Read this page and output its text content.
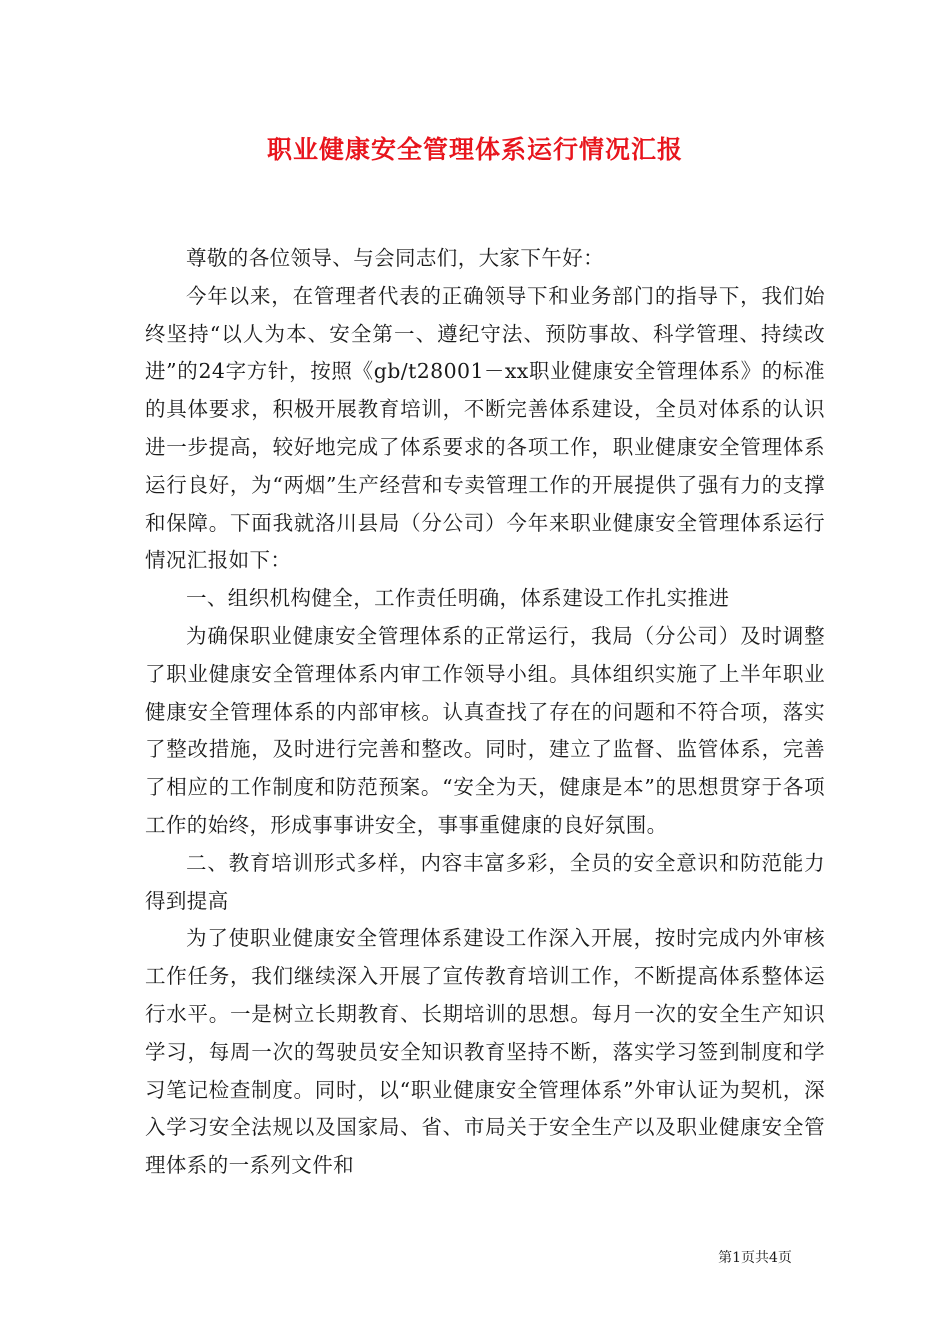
职业健康安全管理体系运行情况汇报

尊敬的各位领导、与会同志们，大家下午好：

今年以来，在管理者代表的正确领导下和业务部门的指导下，我们始终坚持“以人为本、安全第一、遵纪守法、预防事故、科学管理、持续改进”的24字方针，按照《gb/t28001－xx职业健康安全管理体系》的标准的具体要求，积极开展教育培训，不断完善体系建设，全员对体系的认识进一步提高，较好地完成了体系要求的各项工作，职业健康安全管理体系运行良好，为“两烟”生产经营和专卖管理工作的开展提供了强有力的支撑和保障。下面我就洛川县局（分公司）今年来职业健康安全管理体系运行情况汇报如下：

一、组织机构健全，工作责任明确，体系建设工作扎实推进

为确保职业健康安全管理体系的正常运行，我局（分公司）及时调整了职业健康安全管理体系内审工作领导小组。具体组织实施了上半年职业健康安全管理体系的内部审核。认真查找了存在的问题和不符合项，落实了整改措施，及时进行完善和整改。同时，建立了监督、监管体系，完善了相应的工作制度和防范预案。“安全为天，健康是本”的思想贯穿于各项工作的始终，形成事事讲安全，事事重健康的良好氛围。

二、教育培训形式多样，内容丰富多彩，全员的安全意识和防范能力得到提高

为了使职业健康安全管理体系建设工作深入开展，按时完成内外审核工作任务，我们继续深入开展了宣传教育培训工作，不断提高体系整体运行水平。一是树立长期教育、长期培训的思想。每月一次的安全生产知识学习，每周一次的驾驶员安全知识教育坚持不断，落实学习签到制度和学习笔记检查制度。同时，以“职业健康安全管理体系”外审认证为契机，深入学习安全法规以及国家局、省、市局关于安全生产以及职业健康安全管理体系的一系列文件和

第1页共4页
